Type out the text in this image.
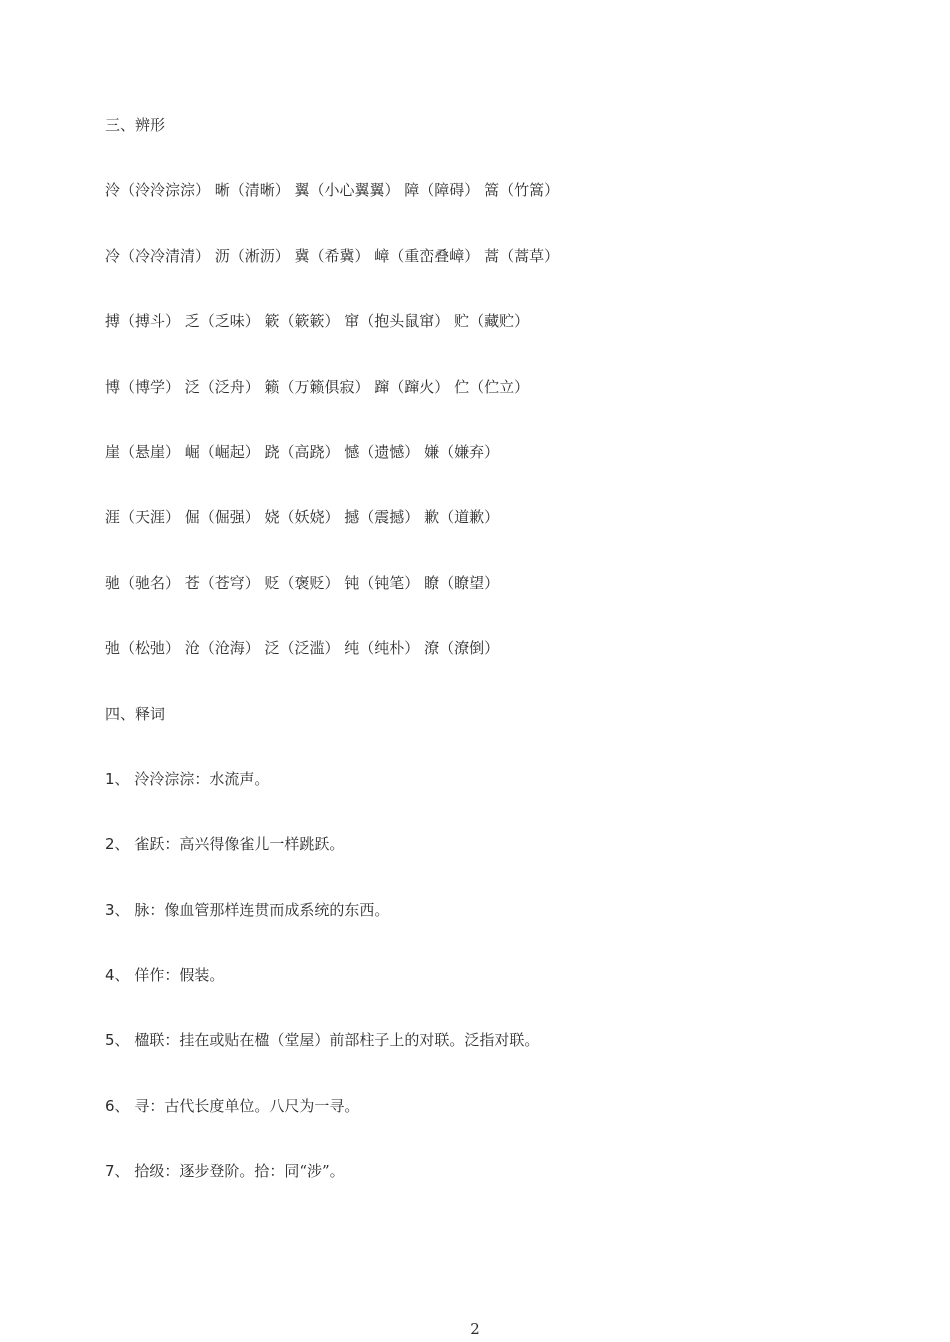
三、辨形
泠（泠泠淙淙） 晰（清晰） 翼（小心翼翼） 障（障碍） 篙（竹篙）
冷（冷冷清清） 沥（淅沥） 冀（希冀） 嶂（重峦叠嶂） 蒿（蒿草）
搏（搏斗） 乏（乏味） 簌（簌簌） 窜（抱头鼠窜） 贮（藏贮）
博（博学） 泛（泛舟） 籁（万籁俱寂） 蹿（蹿火） 伫（伫立）
崖（悬崖） 崛（崛起） 跷（高跷） 憾（遗憾） 嫌（嫌弃）
涯（天涯） 倔（倔强） 娆（妖娆） 撼（震撼） 歉（道歉）
驰（驰名） 苍（苍穹） 贬（褒贬） 钝（钝笔） 瞭（瞭望）
弛（松弛） 沧（沧海） 泛（泛滥） 纯（纯朴） 潦（潦倒）
四、释词
1、 泠泠淙淙：水流声。
2、 雀跃：高兴得像雀儿一样跳跃。
3、 脉：像血管那样连贯而成系统的东西。
4、 佯作：假装。
5、 楹联：挂在或贴在楹（堂屋）前部柱子上的对联。泛指对联。
6、 寻：古代长度单位。八尺为一寻。
7、 拾级：逐步登阶。拾：同“涉”。
2
